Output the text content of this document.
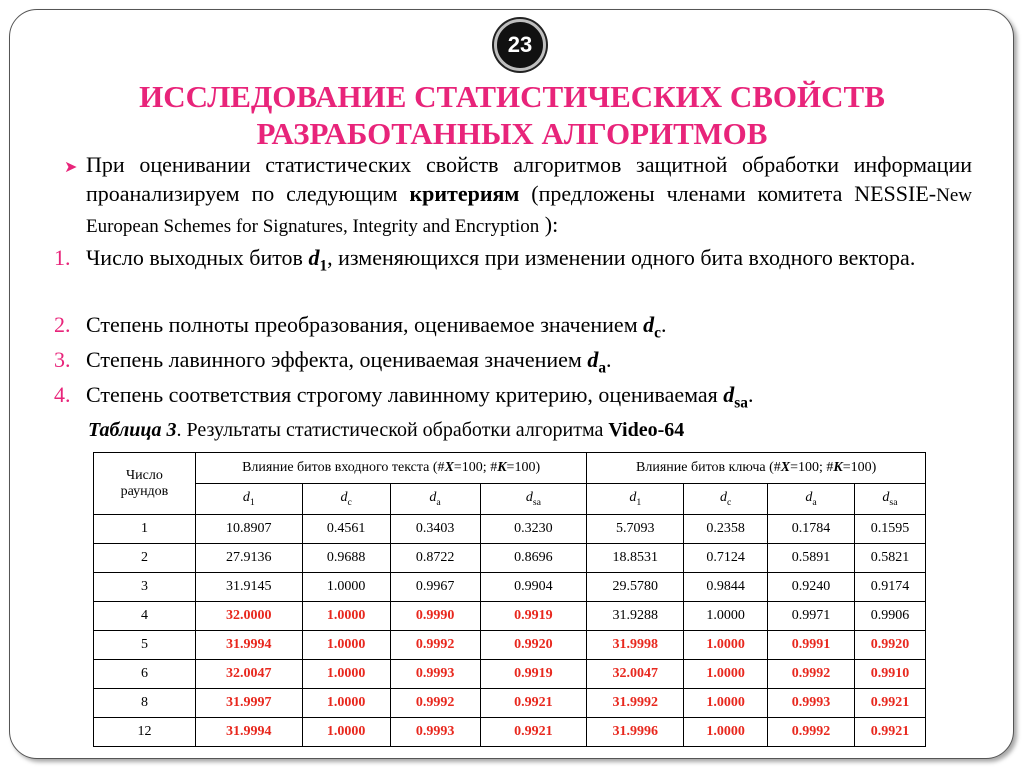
23
ИССЛЕДОВАНИЕ СТАТИСТИЧЕСКИХ СВОЙСТВ
РАЗРАБОТАННЫХ АЛГОРИТМОВ
➤ При оценивании статистических свойств алгоритмов защитной обработки информации проанализируем по следующим критериям (предложены членами комитета NESSIE-New European Schemes for Signatures, Integrity and Encryption ):
1. Число выходных битов $d_1$, изменяющихся при изменении одного бита входного вектора.
2. Степень полноты преобразования, оцениваемое значением $d_c$.
3. Степень лавинного эффекта, оцениваемая значением $d_a$.
4. Степень соответствия строгому лавинному критерию, оцениваемая $d_{sa}$.
Таблица 3. Результаты статистической обработки алгоритма Video-64
Число
раундов	Влияние битов входного текста (#X=100; #K=100)				Влияние битов ключа (#X=100; #K=100)			
	$d_1$	$d_c$	$d_a$	$d_{sa}$	$d_1$	$d_c$	$d_a$	$d_{sa}$
1	10.8907	0.4561	0.3403	0.3230	5.7093	0.2358	0.1784	0.1595
2	27.9136	0.9688	0.8722	0.8696	18.8531	0.7124	0.5891	0.5821
3	31.9145	1.0000	0.9967	0.9904	29.5780	0.9844	0.9240	0.9174
4	32.0000	1.0000	0.9990	0.9919	31.9288	1.0000	0.9971	0.9906
5	31.9994	1.0000	0.9992	0.9920	31.9998	1.0000	0.9991	0.9920
6	32.0047	1.0000	0.9993	0.9919	32.0047	1.0000	0.9992	0.9910
8	31.9997	1.0000	0.9992	0.9921	31.9992	1.0000	0.9993	0.9921
12	31.9994	1.0000	0.9993	0.9921	31.9996	1.0000	0.9992	0.9921
